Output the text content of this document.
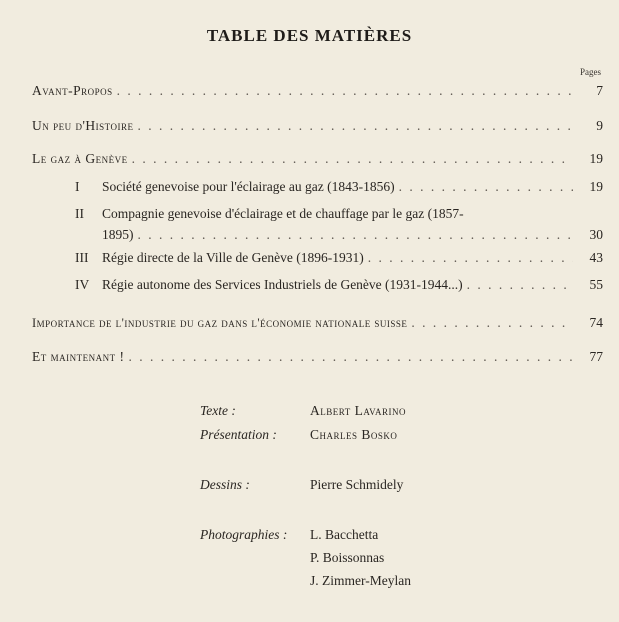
TABLE DES MATIÈRES
Pages
Avant-Propos . . .	7
Un peu d'Histoire . . .	9
Le gaz à Genève . . .	19
I	Société genevoise pour l'éclairage au gaz (1843-1856) . . .	19
II	Compagnie genevoise d'éclairage et de chauffage par le gaz (1857-
1895) . . .	30
III	Régie directe de la Ville de Genève (1896-1931) . . .	43
IV Régie autonome des Services Industriels de Genève (1931-1944...) . . .	55
Importance de l'industrie du gaz dans l'économie nationale suisse . . .	74
Et maintenant ! . . .	77
Texte :	Albert Lavarino
Présentation : Charles Bosko
Dessins :	Pierre Schmidely
Photographies : L. Bacchetta
P. Boissonnas
J. Zimmer-Meylan
